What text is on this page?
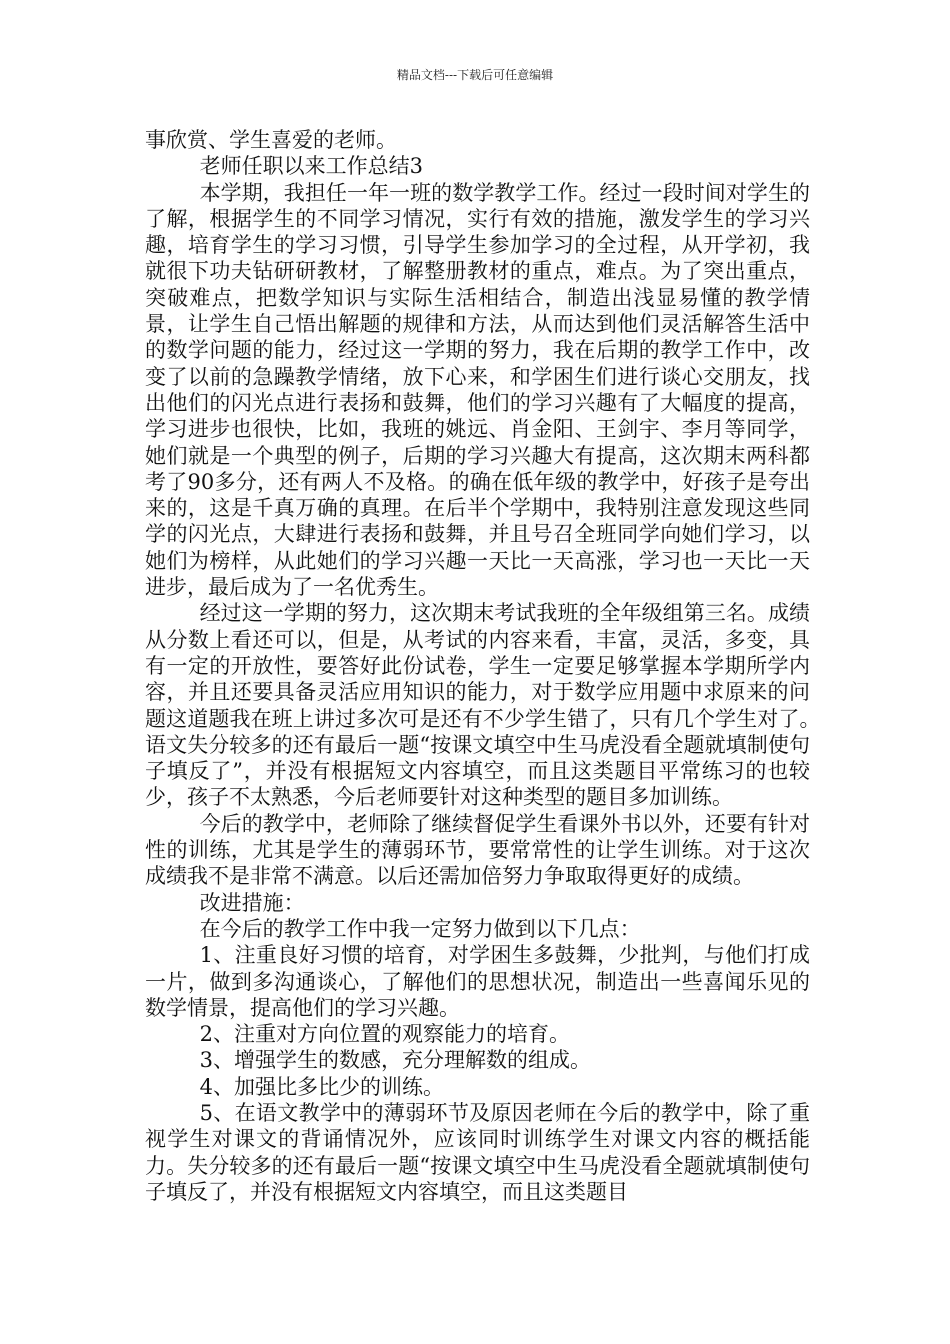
精品文档---下载后可任意编辑

事欣赏、学生喜爱的老师。

老师任职以来工作总结3

本学期，我担任一年一班的数学教学工作。经过一段时间对学生的了解，根据学生的不同学习情况，实行有效的措施，激发学生的学习兴趣，培育学生的学习习惯，引导学生参加学习的全过程，从开学初，我就很下功夫钻研研教材，了解整册教材的重点，难点。为了突出重点，突破难点，把数学知识与实际生活相结合，制造出浅显易懂的教学情景，让学生自己悟出解题的规律和方法，从而达到他们灵活解答生活中的数学问题的能力，经过这一学期的努力，我在后期的教学工作中，改变了以前的急躁教学情绪，放下心来，和学困生们进行谈心交朋友，找出他们的闪光点进行表扬和鼓舞，他们的学习兴趣有了大幅度的提高，学习进步也很快，比如，我班的姚远、肖金阳、王剑宇、李月等同学，她们就是一个典型的例子，后期的学习兴趣大有提高，这次期末两科都考了90多分，还有两人不及格。的确在低年级的教学中，好孩子是夸出来的，这是千真万确的真理。在后半个学期中，我特别注意发现这些同学的闪光点，大肆进行表扬和鼓舞，并且号召全班同学向她们学习，以她们为榜样，从此她们的学习兴趣一天比一天高涨，学习也一天比一天进步，最后成为了一名优秀生。

经过这一学期的努力，这次期末考试我班的全年级组第三名。成绩从分数上看还可以，但是，从考试的内容来看，丰富，灵活，多变，具有一定的开放性，要答好此份试卷，学生一定要足够掌握本学期所学内容，并且还要具备灵活应用知识的能力，对于数学应用题中求原来的问题这道题我在班上讲过多次可是还有不少学生错了，只有几个学生对了。　语文失分较多的还有最后一题“按课文填空中生马虎没看全题就填制使句子填反了”，并没有根据短文内容填空，而且这类题目平常练习的也较少，孩子不太熟悉，今后老师要针对这种类型的题目多加训练。

今后的教学中，老师除了继续督促学生看课外书以外，还要有针对性的训练，尤其是学生的薄弱环节，要常常性的让学生训练。对于这次成绩我不是非常不满意。以后还需加倍努力争取取得更好的成绩。

改进措施：

在今后的教学工作中我一定努力做到以下几点：

1、注重良好习惯的培育，对学困生多鼓舞，少批判，与他们打成一片，做到多沟通谈心，了解他们的思想状况，制造出一些喜闻乐见的数学情景，提高他们的学习兴趣。

2、注重对方向位置的观察能力的培育。

3、增强学生的数感，充分理解数的组成。

4、加强比多比少的训练。

5、在语文教学中的薄弱环节及原因老师在今后的教学中，除了重视学生对课文的背诵情况外，应该同时训练学生对课文内容的概括能力。失分较多的还有最后一题“按课文填空中生马虎没看全题就填制使句子填反了，并没有根据短文内容填空，而且这类题目
